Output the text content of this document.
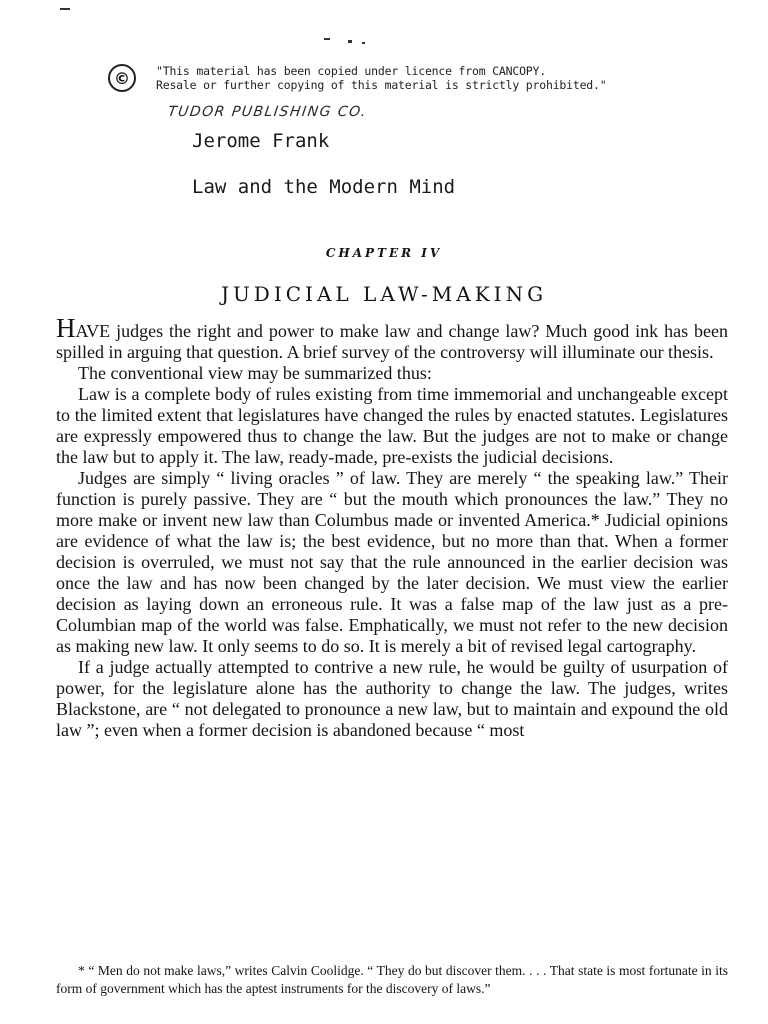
©	"This material has been copied under licence from CANCOPY.
Resale or further copying of this material is strictly prohibited."
TUDOR PUBLISHING CO.
Jerome Frank
Law and the Modern Mind
CHAPTER IV
JUDICIAL LAW-MAKING

HAVE judges the right and power to make law and change law? Much good ink has been spilled in arguing that question. A brief survey of the controversy will illuminate our thesis.

The conventional view may be summarized thus:

Law is a complete body of rules existing from time immemorial and unchangeable except to the limited extent that legislatures have changed the rules by enacted statutes. Legislatures are expressly empowered thus to change the law. But the judges are not to make or change the law but to apply it. The law, ready-made, pre-exists the judicial decisions.

Judges are simply “ living oracles ” of law. They are merely “ the speaking law.” Their function is purely passive. They are “ but the mouth which pronounces the law.” They no more make or invent new law than Columbus made or invented America.* Judicial opinions are evidence of what the law is; the best evidence, but no more than that. When a former decision is overruled, we must not say that the rule announced in the earlier decision was once the law and has now been changed by the later decision. We must view the earlier decision as laying down an erroneous rule. It was a false map of the law just as a pre-Columbian map of the world was false. Emphatically, we must not refer to the new decision as making new law. It only seems to do so. It is merely a bit of revised legal cartography.

If a judge actually attempted to contrive a new rule, he would be guilty of usurpation of power, for the legislature alone has the authority to change the law. The judges, writes Blackstone, are “ not delegated to pronounce a new law, but to maintain and expound the old law ”; even when a former decision is abandoned because “ most

* “ Men do not make laws,” writes Calvin Coolidge. “ They do but discover them. . . . That state is most fortunate in its form of government which has the aptest instruments for the discovery of laws.”
